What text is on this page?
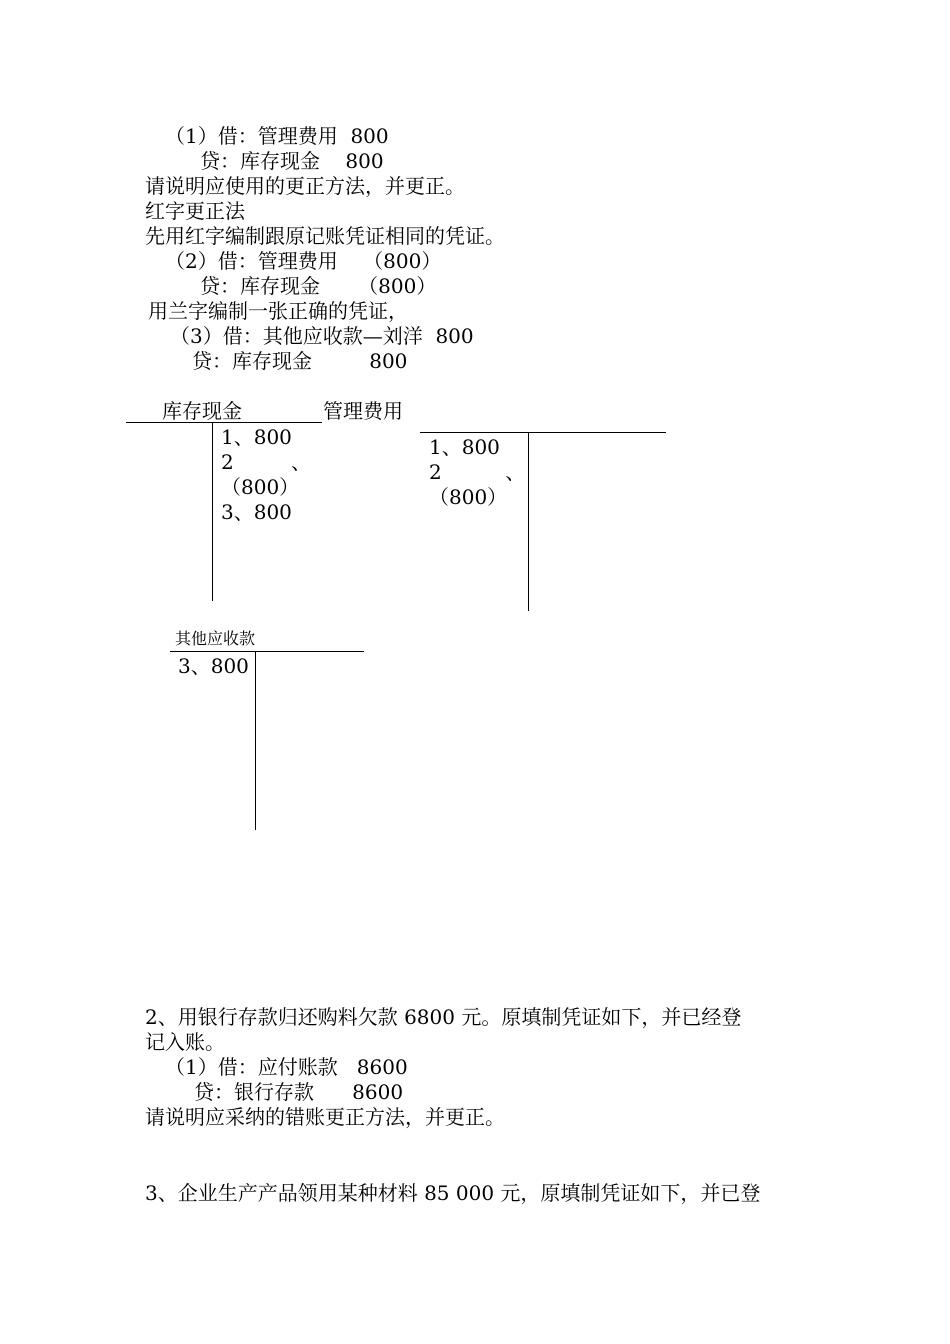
（1）借：管理费用  800
贷：库存现金    800
请说明应使用的更正方法，并更正。
红字更正法
先用红字编制跟原记账凭证相同的凭证。
（2）借：管理费用    （800）
贷：库存现金      （800）
用兰字编制一张正确的凭证，
（3）借：其他应收款—刘洋  800
贷：库存现金         800
库存现金
1、800
2         、
（800）
3、800
管理费用
1、800
2          、
（800）
其他应收款
3、800
2、用银行存款归还购料欠款 6800 元。原填制凭证如下，并已经登
记入账。
（1）借：应付账款   8600
贷：银行存款      8600
请说明应采纳的错账更正方法，并更正。
3、企业生产产品领用某种材料 85 000 元，原填制凭证如下，并已登
